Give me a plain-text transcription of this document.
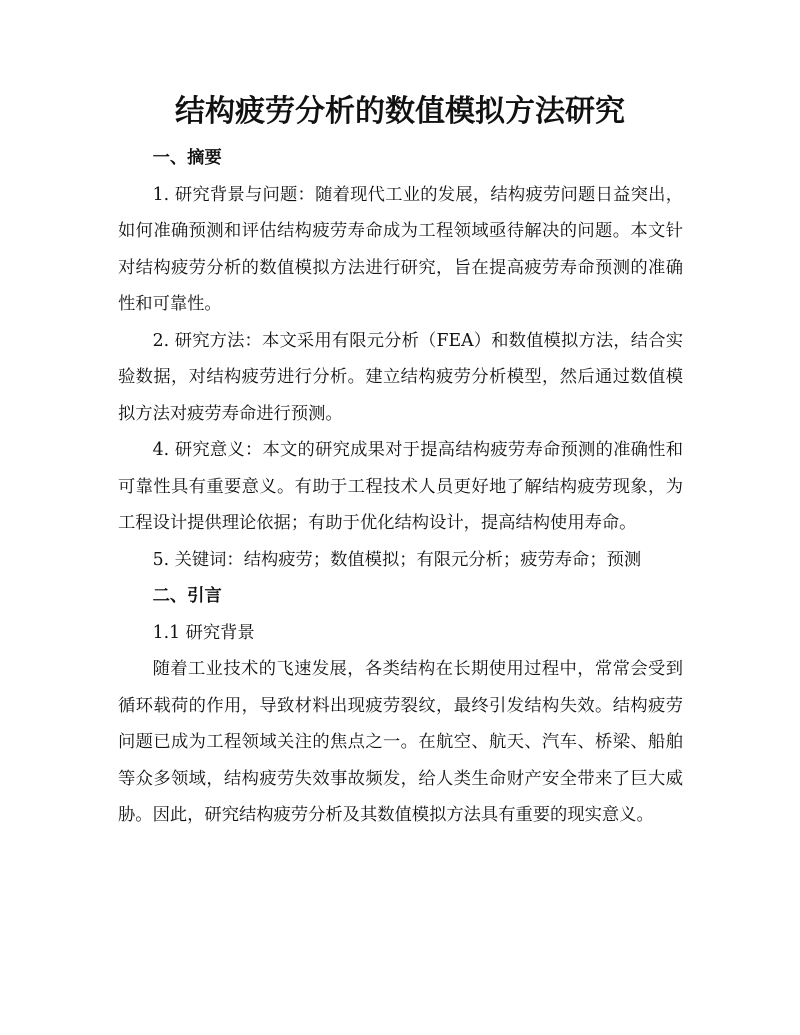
结构疲劳分析的数值模拟方法研究
一、摘要

1. 研究背景与问题：随着现代工业的发展，结构疲劳问题日益突出，如何准确预测和评估结构疲劳寿命成为工程领域亟待解决的问题。本文针对结构疲劳分析的数值模拟方法进行研究，旨在提高疲劳寿命预测的准确性和可靠性。

2. 研究方法：本文采用有限元分析（FEA）和数值模拟方法，结合实验数据，对结构疲劳进行分析。建立结构疲劳分析模型，然后通过数值模拟方法对疲劳寿命进行预测。

4. 研究意义：本文的研究成果对于提高结构疲劳寿命预测的准确性和可靠性具有重要意义。有助于工程技术人员更好地了解结构疲劳现象，为工程设计提供理论依据；有助于优化结构设计，提高结构使用寿命。

5. 关键词：结构疲劳；数值模拟；有限元分析；疲劳寿命；预测

二、引言

1.1 研究背景

随着工业技术的飞速发展，各类结构在长期使用过程中，常常会受到循环载荷的作用，导致材料出现疲劳裂纹，最终引发结构失效。结构疲劳问题已成为工程领域关注的焦点之一。在航空、航天、汽车、桥梁、船舶等众多领域，结构疲劳失效事故频发，给人类生命财产安全带来了巨大威胁。因此，研究结构疲劳分析及其数值模拟方法具有重要的现实意义。
